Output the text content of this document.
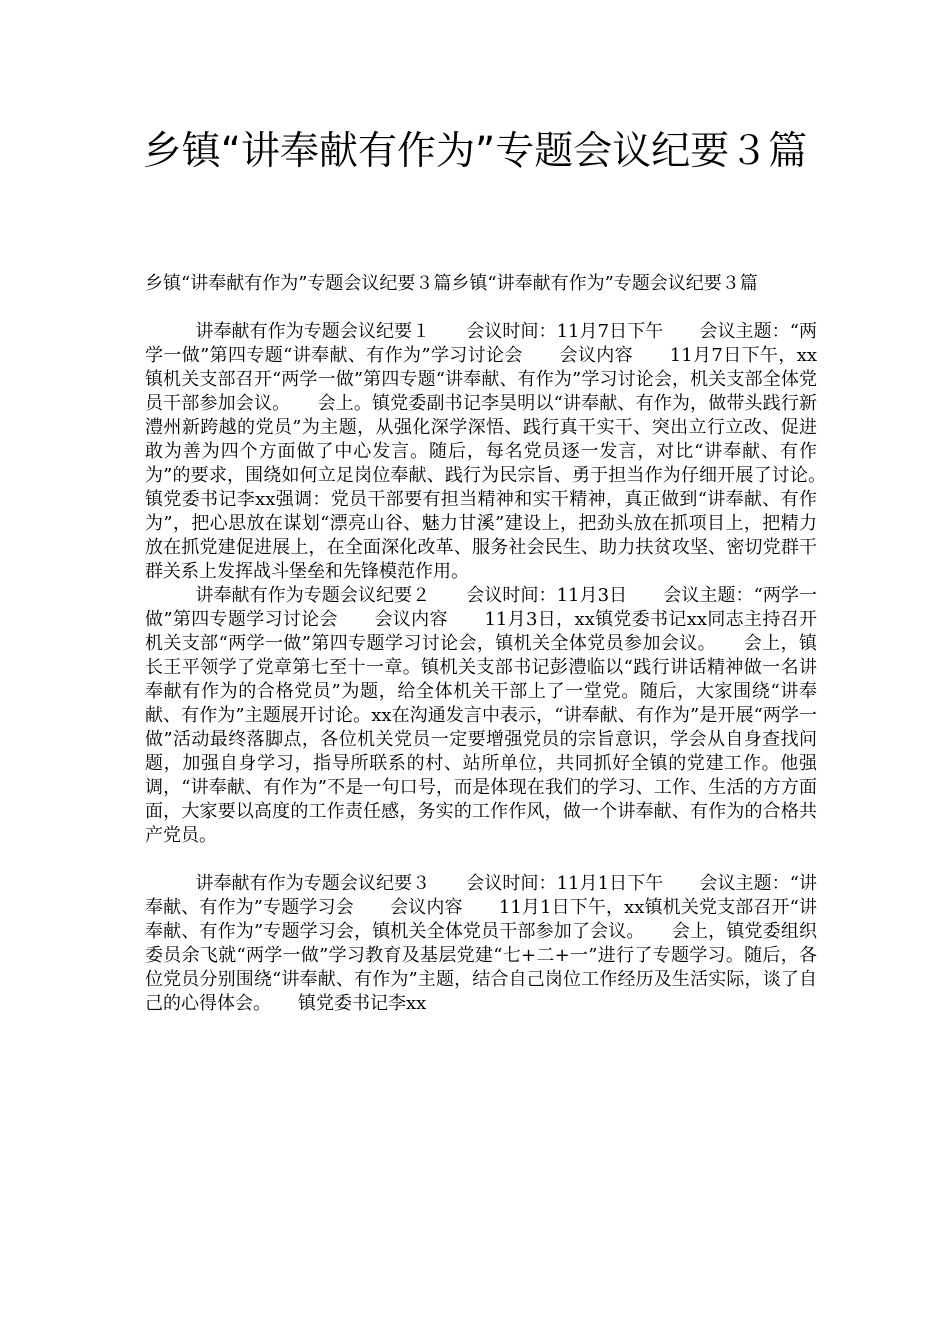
乡镇“讲奉献有作为”专题会议纪要３篇

乡镇“讲奉献有作为”专题会议纪要３篇乡镇“讲奉献有作为”专题会议纪要３篇

讲奉献有作为专题会议纪要１　　会议时间：11月7日下午　　会议主题：“两学一做”第四专题“讲奉献、有作为”学习讨论会　　会议内容　　11月7日下午，xx镇机关支部召开“两学一做”第四专题“讲奉献、有作为”学习讨论会，机关支部全体党员干部参加会议。　　会上。镇党委副书记李昊明以“讲奉献、有作为，做带头践行新澧州新跨越的党员”为主题，从强化深学深悟、践行真干实干、突出立行立改、促进敢为善为四个方面做了中心发言。随后，每名党员逐一发言，对比“讲奉献、有作为”的要求，围绕如何立足岗位奉献、践行为民宗旨、勇于担当作为仔细开展了讨论。　　镇党委书记李xx强调：党员干部要有担当精神和实干精神，真正做到“讲奉献、有作为”，把心思放在谋划“漂亮山谷、魅力甘溪”建设上，把劲头放在抓项目上，把精力放在抓党建促进展上，在全面深化改革、服务社会民生、助力扶贫攻坚、密切党群干群关系上发挥战斗堡垒和先锋模范作用。

讲奉献有作为专题会议纪要２　　会议时间：11月3日　　会议主题：“两学一做”第四专题学习讨论会　　会议内容　　11月3日，xx镇党委书记xx同志主持召开机关支部“两学一做”第四专题学习讨论会，镇机关全体党员参加会议。　　会上，镇长王平领学了党章第七至十一章。镇机关支部书记彭澧临以“践行讲话精神做一名讲奉献有作为的合格党员”为题，给全体机关干部上了一堂党。随后，大家围绕“讲奉献、有作为”主题展开讨论。xx在沟通发言中表示，“讲奉献、有作为”是开展“两学一做”活动最终落脚点，各位机关党员一定要增强党员的宗旨意识，学会从自身查找问题，加强自身学习，指导所联系的村、站所单位，共同抓好全镇的党建工作。他强调，“讲奉献、有作为”不是一句口号，而是体现在我们的学习、工作、生活的方方面面，大家要以高度的工作责任感，务实的工作作风，做一个讲奉献、有作为的合格共产党员。

讲奉献有作为专题会议纪要３　　会议时间：11月1日下午　　会议主题：“讲奉献、有作为”专题学习会　　会议内容　　11月1日下午，xx镇机关党支部召开“讲奉献、有作为”专题学习会，镇机关全体党员干部参加了会议。　　会上，镇党委组织委员余飞就“两学一做”学习教育及基层党建“七+二+一”进行了专题学习。随后，各位党员分别围绕“讲奉献、有作为”主题，结合自己岗位工作经历及生活实际，谈了自己的心得体会。　　镇党委书记李xx
